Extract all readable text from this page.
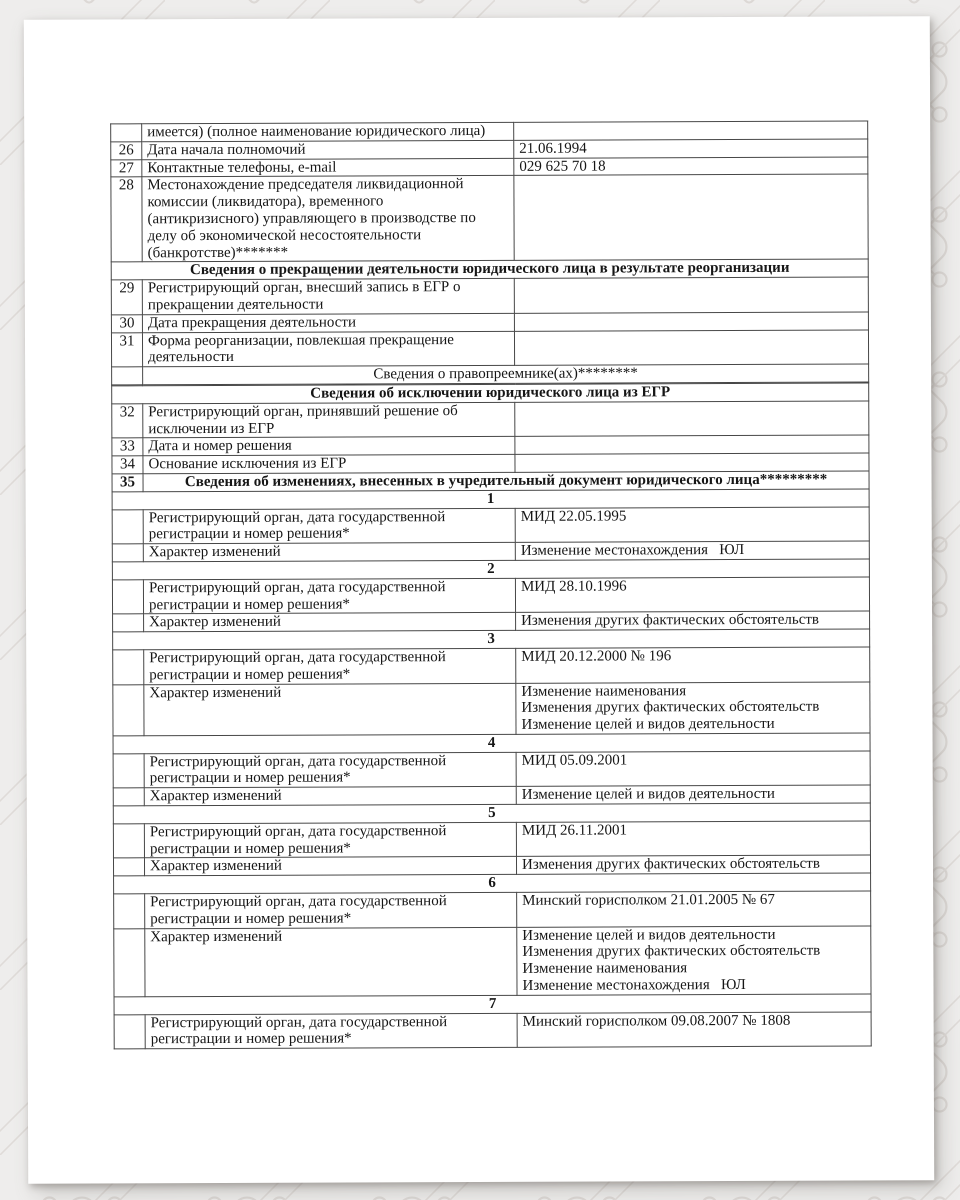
	имеется) (полное наименование юридического лица)	
26	Дата начала полномочий	21.06.1994
27	Контактные телефоны, e-mail	029 625 70 18
28	Местонахождение председателя ликвидационной
комиссии (ликвидатора), временного
(антикризисного) управляющего в производстве по
делу об экономической несостоятельности
(банкротстве)*******	
Сведения о прекращении деятельности юридического лица в результате реорганизации		
29	Регистрирующий орган, внесший запись в ЕГР о
прекращении деятельности	
30	Дата прекращения деятельности	
31	Форма реорганизации, повлекшая прекращение
деятельности	
	Сведения о правопреемнике(ах)********	

Сведения об исключении юридического лица из ЕГР		
32	Регистрирующий орган, принявший решение об
исключении из ЕГР	
33	Дата и номер решения	
34	Основание исключения из ЕГР	
35	Сведения об изменениях, внесенных в учредительный документ юридического лица*********	
1		
	Регистрирующий орган, дата государственной
регистрации и номер решения*	МИД 22.05.1995
	Характер изменений	Изменение местонахождения   ЮЛ
2		
	Регистрирующий орган, дата государственной
регистрации и номер решения*	МИД 28.10.1996
	Характер изменений	Изменения других фактических обстоятельств
3		
	Регистрирующий орган, дата государственной
регистрации и номер решения*	МИД 20.12.2000 № 196
	Характер изменений	Изменение наименования
Изменения других фактических обстоятельств
Изменение целей и видов деятельности
4		
	Регистрирующий орган, дата государственной
регистрации и номер решения*	МИД 05.09.2001
	Характер изменений	Изменение целей и видов деятельности
5		
	Регистрирующий орган, дата государственной
регистрации и номер решения*	МИД 26.11.2001
	Характер изменений	Изменения других фактических обстоятельств
6		
	Регистрирующий орган, дата государственной
регистрации и номер решения*	Минский горисполком 21.01.2005 № 67
	Характер изменений	Изменение целей и видов деятельности
Изменения других фактических обстоятельств
Изменение наименования
Изменение местонахождения   ЮЛ
7		
	Регистрирующий орган, дата государственной
регистрации и номер решения*	Минский горисполком 09.08.2007 № 1808
